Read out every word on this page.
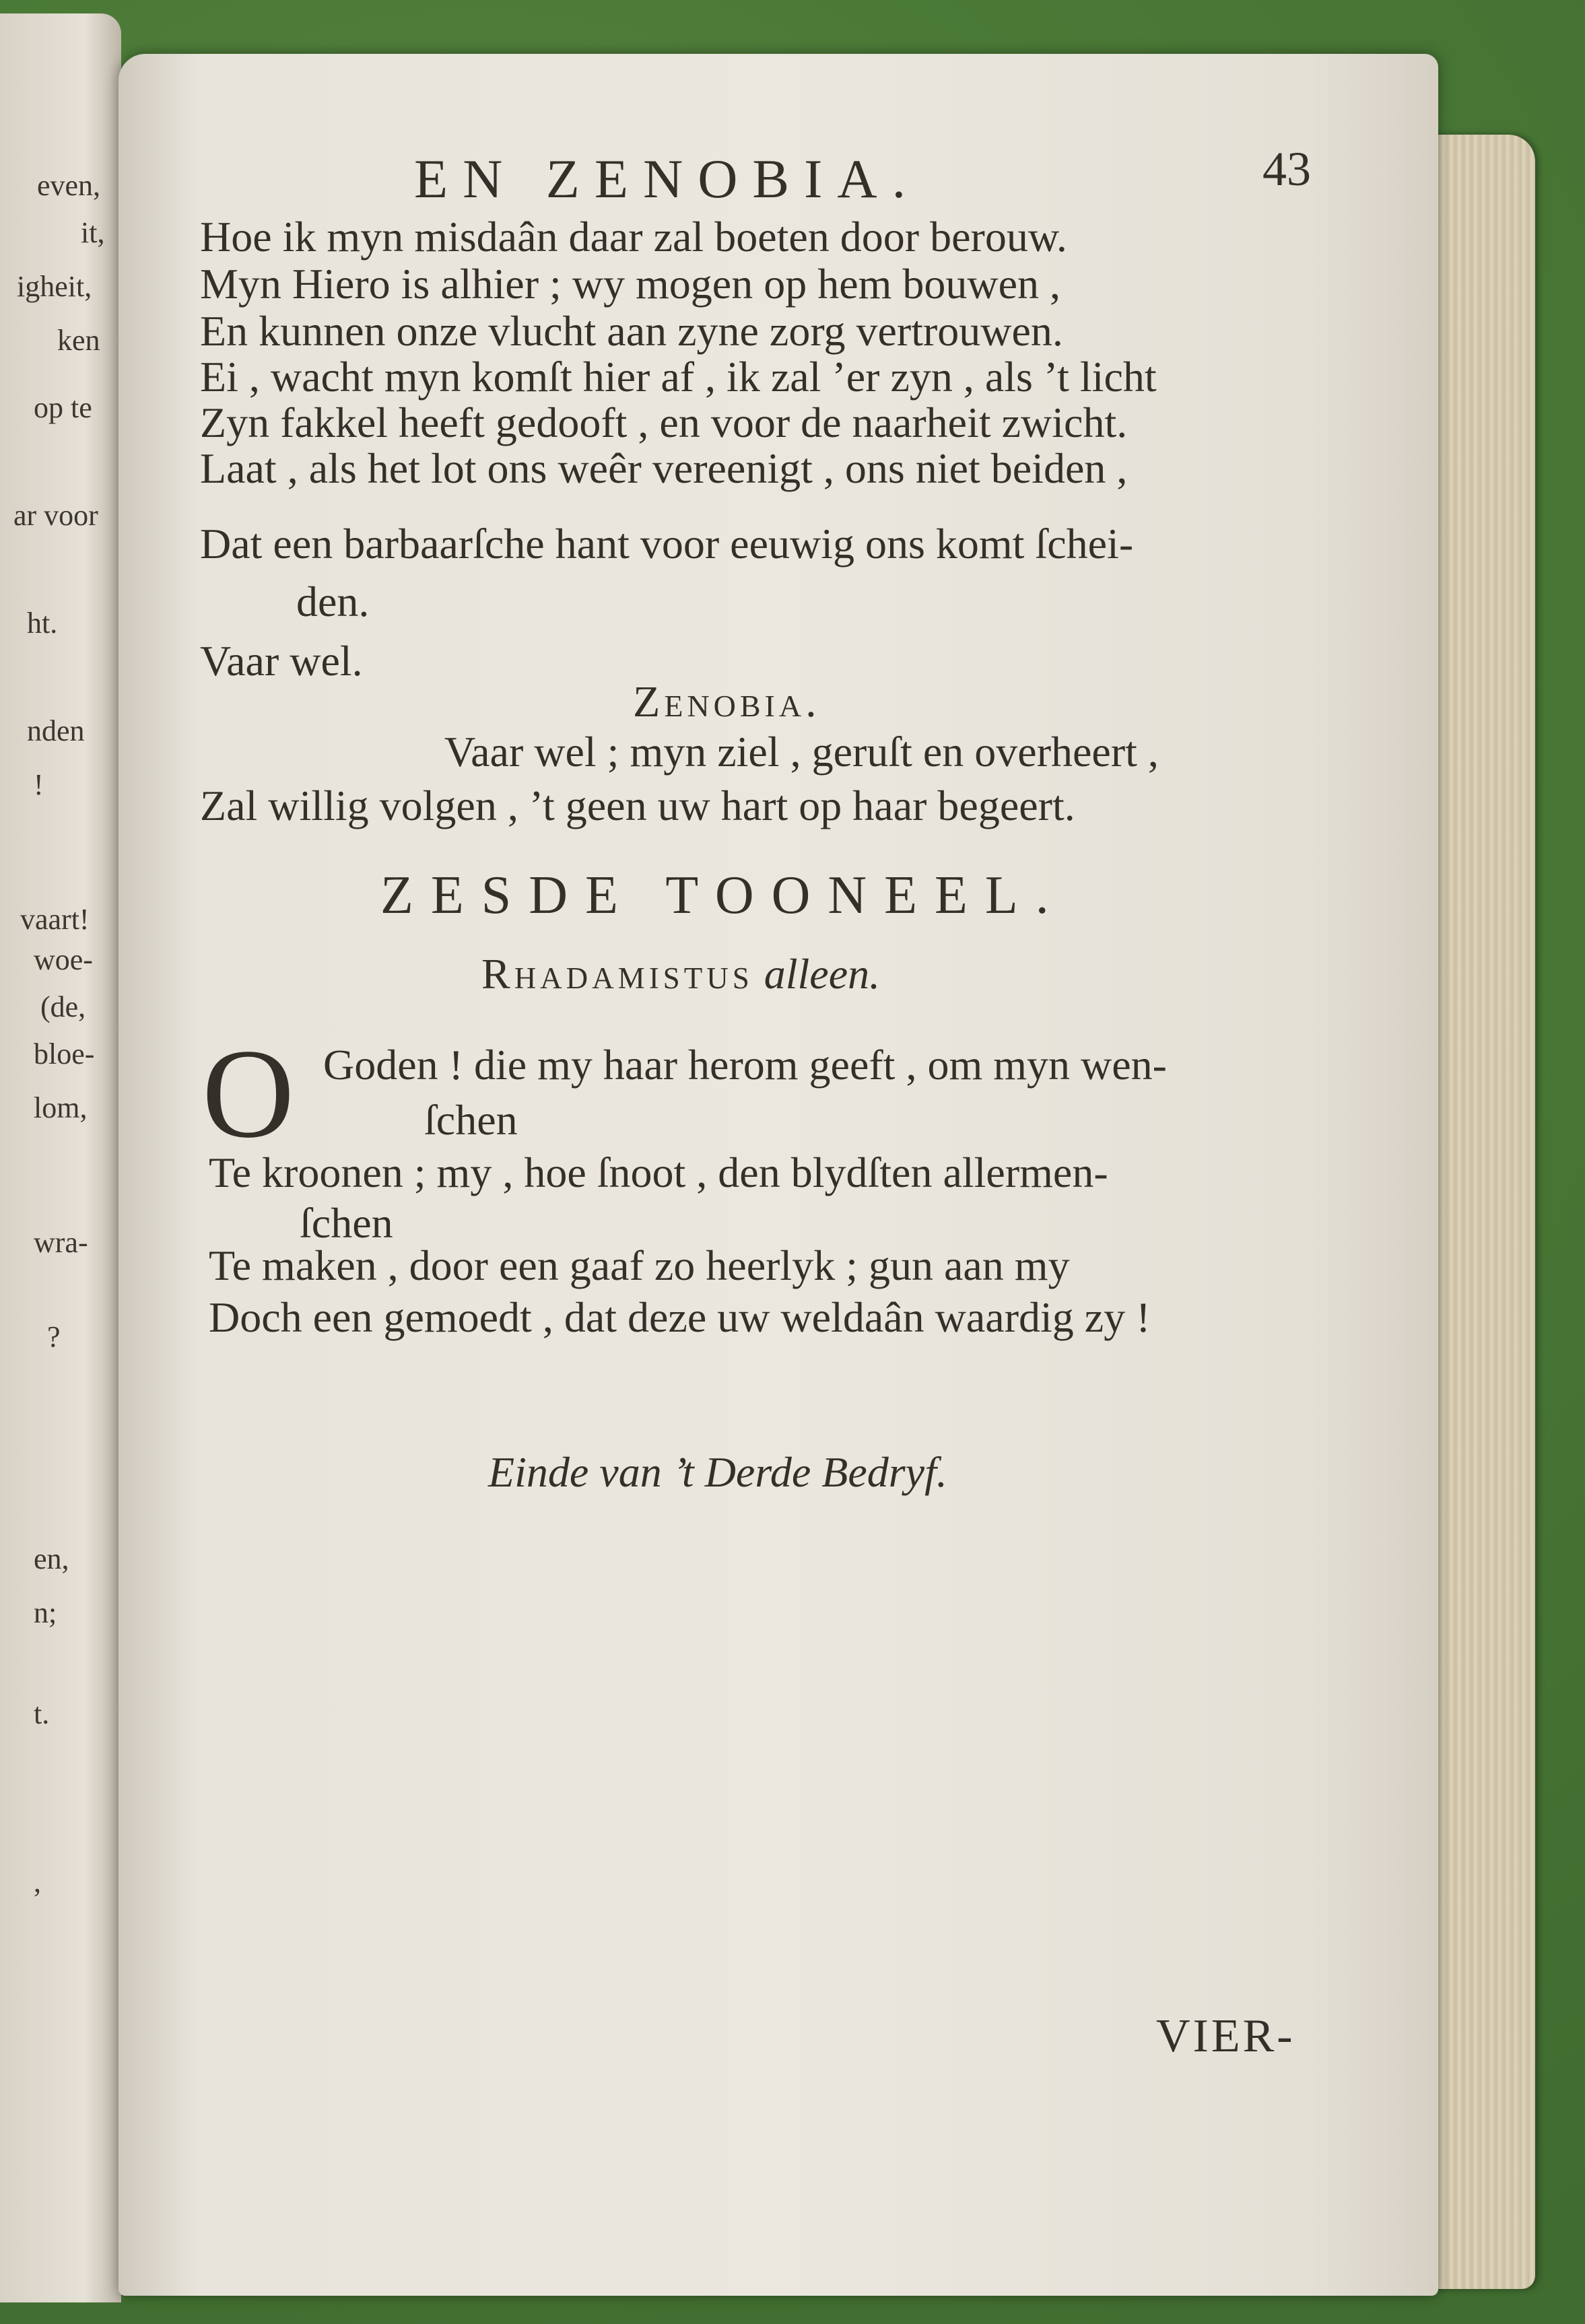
even,
it,
igheit,
ken
op te
ar voor
ht.
nden
!
vaart!
woe-
(de,
bloe-
lom,
wra-
?
en,
n;
t.
,
EN ZENOBIA.	43
Hoe ik myn misdaân daar zal boeten door berouw.
Myn Hiero is alhier ; wy mogen op hem bouwen ,
En kunnen onze vlucht aan zyne zorg vertrouwen.
Ei , wacht myn komſt hier af , ik zal ’er zyn , als ’t licht
Zyn fakkel heeft gedooft , en voor de naarheit zwicht.
Laat , als het lot ons weêr vereenigt , ons niet beiden ,
Dat een barbaarſche hant voor eeuwig ons komt ſchei-
den.
Vaar wel.
Zenobia.
Vaar wel ; myn ziel , geruſt en overheert ,
Zal willig volgen , ’t geen uw hart op haar begeert.
ZESDE TOONEEL.
Rhadamistus alleen.
O Goden ! die my haar herom geeft , om myn wen-
ſchen
Te kroonen ; my , hoe ſnoot , den blydſten allermen-
ſchen
Te maken , door een gaaf zo heerlyk ; gun aan my
Doch een gemoedt , dat deze uw weldaân waardig zy !
Einde van ’t Derde Bedryf.
VIER-
